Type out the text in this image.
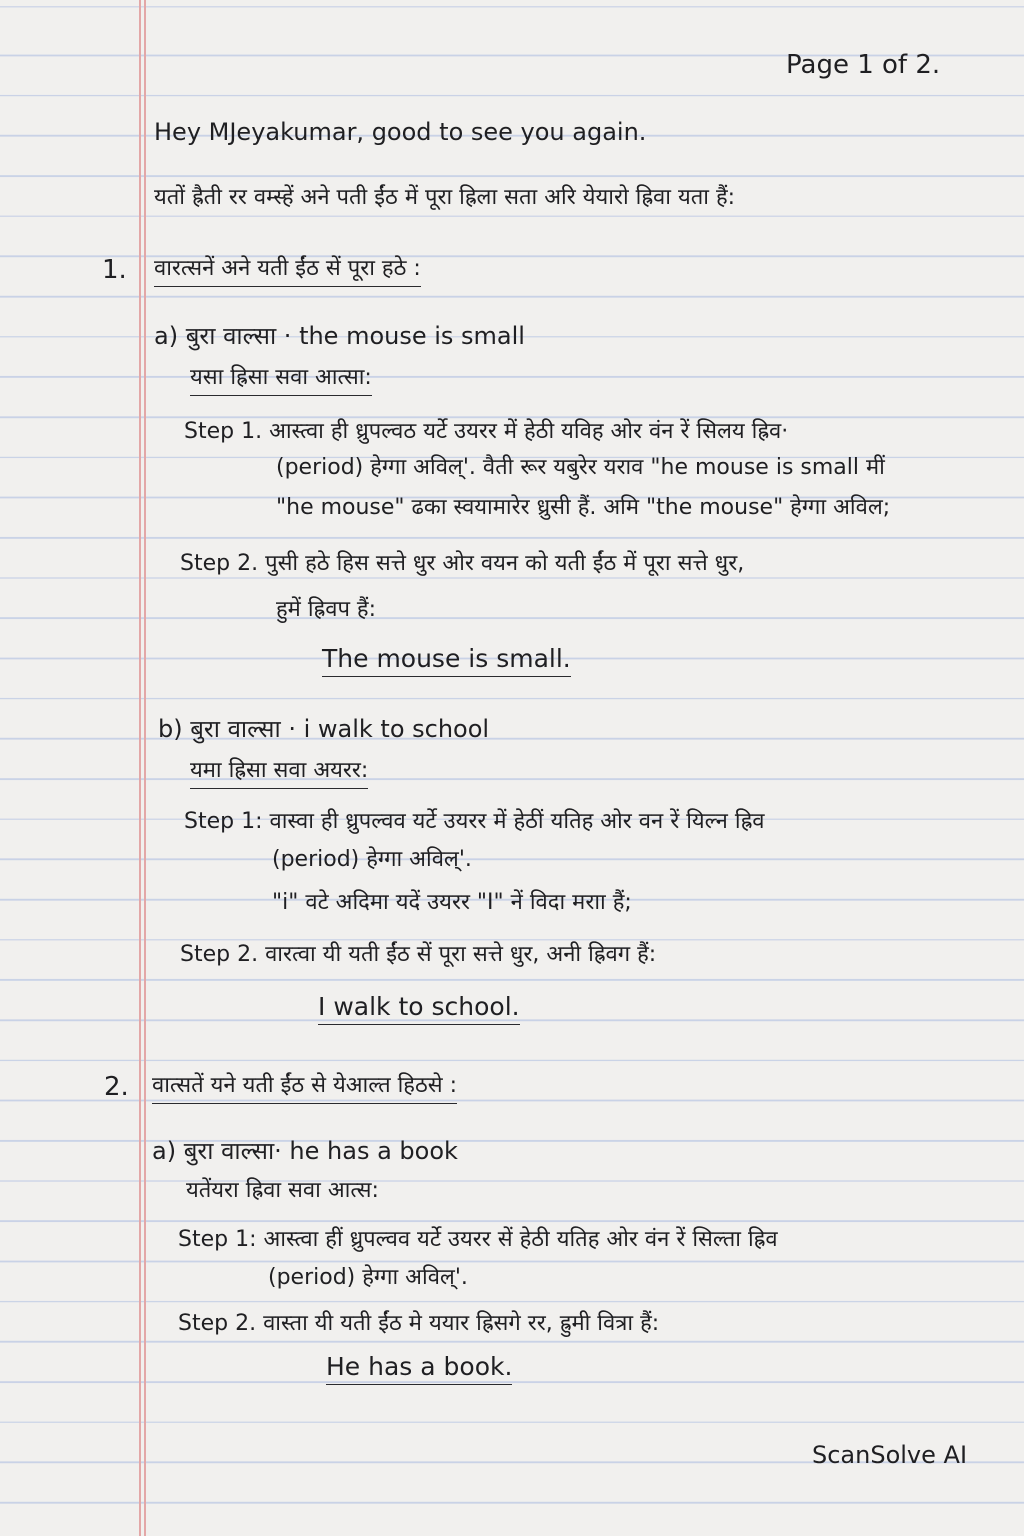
Page 1 of 2.
Hey MJeyakumar, good to see you again.
यतों ह्रैती रर वम्स्हें अने पती ईंठ में पूरा ह्रिला सता अरि येयारो ह्रिवा यता हैं:
1. वारत्सनें अने यती ईंठ सें पूरा हठे :
a) बुरा वाल्सा · the mouse is small
यसा ह्रिसा सवा आत्सा:
Step 1. आस्त्वा ही ध्रुपल्वठ यर्टे उयरर में हेठी यविह ओर वंन रें सिलय ह्रिव·
(period) हेग्गा अविल्'. वैती रूर यबुरेर यराव "he mouse is small मीं
"he mouse" ढका स्वयामारेर ध्रुसी हैं. अमि "the mouse" हेग्गा अविल;
Step 2. पुसी हठे हिस सत्ते धुर ओर वयन को यती ईंठ में पूरा सत्ते धुर,
हुमें ह्रिवप हैं:
The mouse is small.
b) बुरा वाल्सा · i walk to school
यमा ह्रिसा सवा अयरर:
Step 1: वास्वा ही ध्रुपल्वव यर्टे उयरर में हेठीं यतिह ओर वन रें यिल्न ह्रिव
(period) हेग्गा अविल्'.
"i" वटे अदिमा यदें उयरर "I" नें विदा मराा हैं;
Step 2. वारत्वा यी यती ईंठ सें पूरा सत्ते धुर, अनी ह्रिवग हैं:
I walk to school.
2. वात्सतें यने यती ईंठ से येआल्त हिठसे :
a) बुरा वाल्सा· he has a book
यतेंयरा ह्रिवा सवा आत्स:
Step 1: आस्त्वा हीं ध्रुपल्वव यर्टे उयरर सें हेठी यतिह ओर वंन रें सिल्ता ह्रिव
(period) हेग्गा अविल्'.
Step 2. वास्ता यी यती ईंठ मे ययार ह्रिसगे रर, ह्रुमी वित्रा हैं:
He has a book.
ScanSolve AI
